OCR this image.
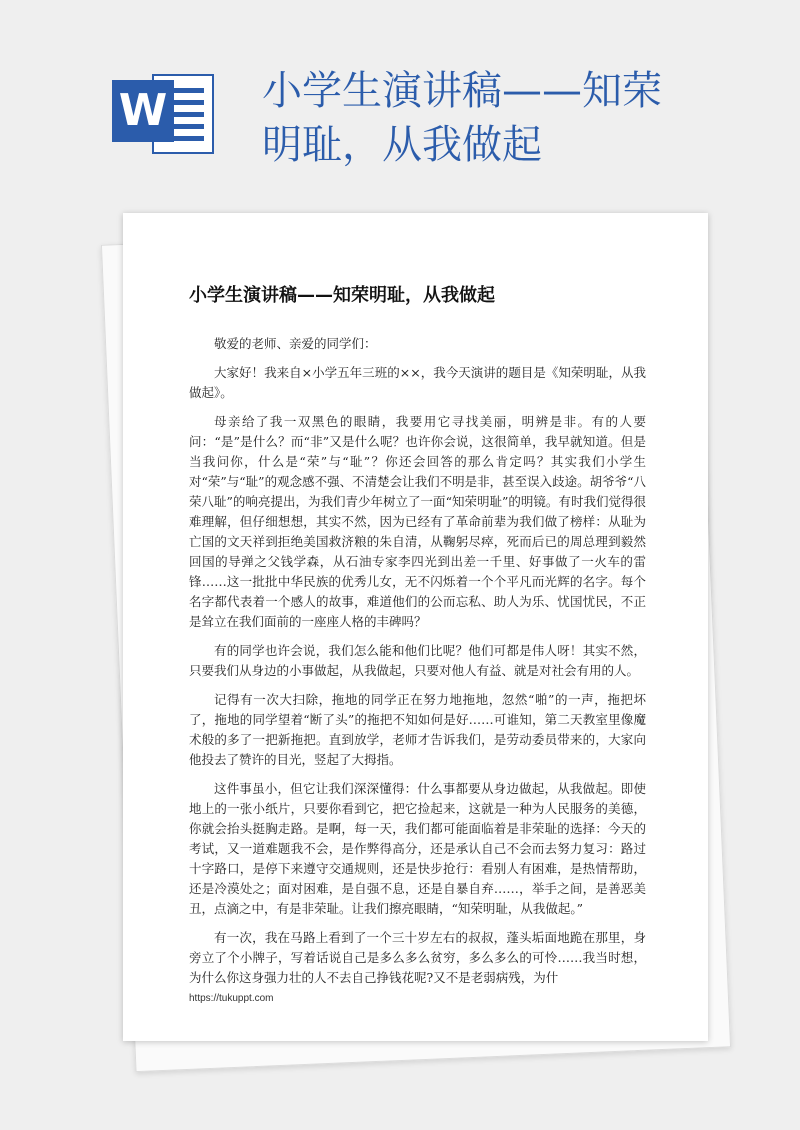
W 小学生演讲稿——知荣明耻，从我做起
小学生演讲稿——知荣明耻，从我做起

敬爱的老师、亲爱的同学们：

大家好！我来自×小学五年三班的××，我今天演讲的题目是《知荣明耻，从我做起》。

母亲给了我一双黑色的眼睛，我要用它寻找美丽，明辨是非。有的人要问：“是”是什么？而“非”又是什么呢？也许你会说，这很简单，我早就知道。但是当我问你，什么是“荣”与“耻”？你还会回答的那么肯定吗？其实我们小学生对“荣”与“耻”的观念感不强、不清楚会让我们不明是非，甚至误入歧途。胡爷爷“八荣八耻”的响亮提出，为我们青少年树立了一面“知荣明耻”的明镜。有时我们觉得很难理解，但仔细想想，其实不然，因为已经有了革命前辈为我们做了榜样：从耻为亡国的文天祥到拒绝美国救济粮的朱自清，从鞠躬尽瘁，死而后已的周总理到毅然回国的导弹之父钱学森，从石油专家李四光到出差一千里、好事做了一火车的雷锋……这一批批中华民族的优秀儿女，无不闪烁着一个个平凡而光辉的名字。每个名字都代表着一个感人的故事，难道他们的公而忘私、助人为乐、忧国忧民，不正是耸立在我们面前的一座座人格的丰碑吗？

有的同学也许会说，我们怎么能和他们比呢？他们可都是伟人呀！其实不然，只要我们从身边的小事做起，从我做起，只要对他人有益、就是对社会有用的人。

记得有一次大扫除，拖地的同学正在努力地拖地，忽然“啪”的一声，拖把坏了，拖地的同学望着“断了头”的拖把不知如何是好……可谁知，第二天教室里像魔术般的多了一把新拖把。直到放学，老师才告诉我们，是劳动委员带来的，大家向他投去了赞许的目光，竖起了大拇指。

这件事虽小，但它让我们深深懂得：什么事都要从身边做起，从我做起。即使地上的一张小纸片，只要你看到它，把它捡起来，这就是一种为人民服务的美德，你就会抬头挺胸走路。是啊，每一天，我们都可能面临着是非荣耻的选择：今天的考试，又一道难题我不会，是作弊得高分，还是承认自己不会而去努力复习：路过十字路口，是停下来遵守交通规则，还是快步抢行：看别人有困难，是热情帮助，还是冷漠处之；面对困难，是自强不息，还是自暴自弃……，举手之间，是善恶美丑，点滴之中，有是非荣耻。让我们擦亮眼睛，“知荣明耻，从我做起。”

有一次，我在马路上看到了一个三十岁左右的叔叔，蓬头垢面地跪在那里，身旁立了个小牌子，写着话说自己是多么多么贫穷，多么多么的可怜……我当时想，为什么你这身强力壮的人不去自己挣钱花呢?又不是老弱病残，为什

https://tukuppt.com
